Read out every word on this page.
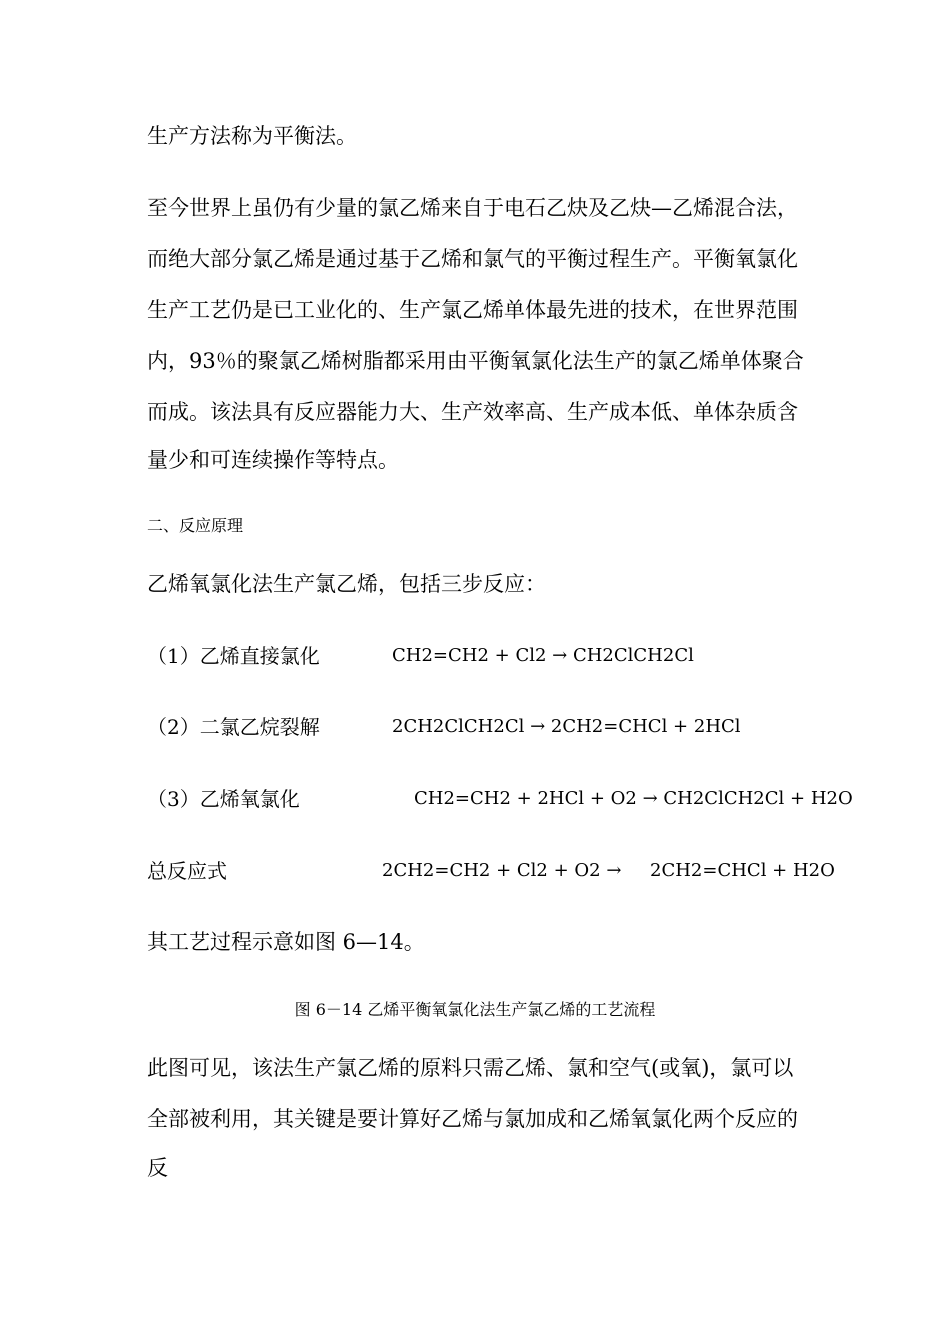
生产方法称为平衡法。
至今世界上虽仍有少量的氯乙烯来自于电石乙炔及乙炔—乙烯混合法，
而绝大部分氯乙烯是通过基于乙烯和氯气的平衡过程生产。平衡氧氯化
生产工艺仍是已工业化的、生产氯乙烯单体最先进的技术，在世界范围
内，93％的聚氯乙烯树脂都采用由平衡氧氯化法生产的氯乙烯单体聚合
而成。该法具有反应器能力大、生产效率高、生产成本低、单体杂质含
量少和可连续操作等特点。
二、反应原理
乙烯氧氯化法生产氯乙烯，包括三步反应：
（1）乙烯直接氯化	CH2=CH2 + Cl2 → CH2ClCH2Cl
（2）二氯乙烷裂解	2CH2ClCH2Cl → 2CH2=CHCl + 2HCl
（3）乙烯氧氯化	CH2=CH2 + 2HCl + O2 → CH2ClCH2Cl + H2O
总反应式	2CH2=CH2 + Cl2 + O2 → 2CH2=CHCl + H2O
其工艺过程示意如图 6—14。
图 6－14 乙烯平衡氧氯化法生产氯乙烯的工艺流程
此图可见，该法生产氯乙烯的原料只需乙烯、氯和空气(或氧)，氯可以
全部被利用，其关键是要计算好乙烯与氯加成和乙烯氧氯化两个反应的
反
